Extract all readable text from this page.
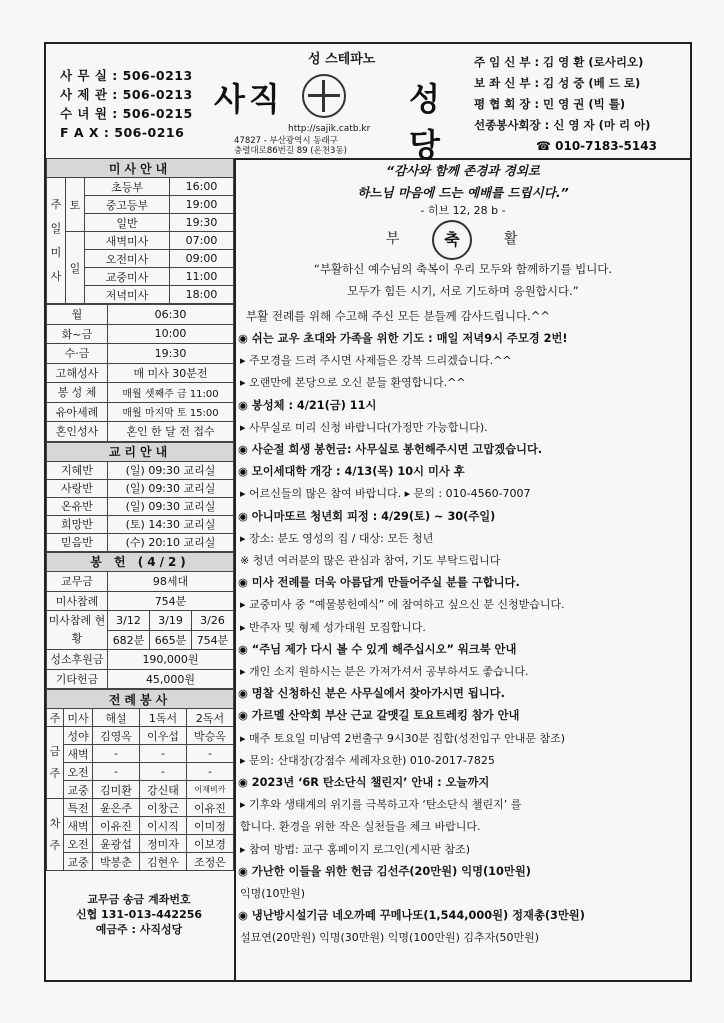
사 무 실 : 506-0213
사 제 관 : 506-0213
수 녀 원 : 506-0215
F A X : 506-0216
성 스테파노
사직	성당
http://sajik.catb.kr
47827 - 부산광역시 동래구
충렬대로86번길 89 (온천3동)
주 임 신 부 : 김 영 환 (로사리오)
보 좌 신 부 : 김 성 중 (베 드 로)
평 협 회 장 : 민 영 권 (빅 틀)
선종봉사회장 : 신 영 자 (마 리 아)
☎ 010-7183-5143
미사안내			
주일미사	토	초등부	16:00
		중고등부	19:00
		일반	19:30
	일	새벽미사	07:00
		오전미사	09:00
		교중미사	11:00
		저녁미사	18:00
월	06:30
화~금	10:00
수·금	19:30
고해성사	매 미사 30분전
봉 성 체	매월 셋째주 금 11:00
유아세례	매월 마지막 토 15:00
혼인성사	혼인 한 달 전 접수
교리안내	
지혜반	(일) 09:30 교리실
사랑반	(일) 09:30 교리실
온유반	(일) 09:30 교리실
희망반	(토) 14:30 교리실
믿음반	(수) 20:10 교리실
봉 헌 (4/2)			
교무금	98세대		
미사참례	754분		
미사참례 현황	3/12	3/19	3/26
	682분	665분	754분
성소후원금	190,000원		
기타헌금	45,000원		
전례봉사				
주	미사	해설	1독서	2독서
금주	성야	김영옥	이우섭	박승옥
	새벽	-	-	-
	오전	-	-	-
	교중	김미환	강신태	이재비카
차주	특전	윤은주	이창근	이유진
	새벽	이유진	이시직	이미정
	오전	윤광섭	정미자	이보경
	교중	박봉춘	김현우	조정은
교무금 송금 계좌번호
신협 131-013-442256
예금주 : 사직성당
“감사와 함께 존경과 경외로
하느님 마음에 드는 예배를 드립시다.”
- 히브 12, 28 b -
부	축	활
“부활하신 예수님의 축복이 우리 모두와 함께하기를 빕니다.
모두가 힘든 시기, 서로 기도하며 응원합시다.”
부활 전례를 위해 수고해 주신 모든 분들께 감사드립니다.^^
◉ 쉬는 교우 초대와 가족을 위한 기도 : 매일 저녁9시 주모경 2번!
▸ 주모경을 드려 주시면 사제들은 강복 드리겠습니다.^^
▸ 오랜만에 본당으로 오신 분들 환영합니다.^^
◉ 봉성체 : 4/21(금) 11시
▸ 사무실로 미리 신청 바랍니다(가정만 가능합니다).
◉ 사순절 희생 봉헌금: 사무실로 봉헌해주시면 고맙겠습니다.
◉ 모이세대학 개강 : 4/13(목) 10시 미사 후
▸ 어르신들의 많은 참여 바랍니다. ▸ 문의 : 010-4560-7007
◉ 아니마또르 청년회 피정 : 4/29(토) ~ 30(주일)
▸ 장소: 분도 영성의 집 / 대상: 모든 청년
※ 청년 여러분의 많은 관심과 참여, 기도 부탁드립니다
◉ 미사 전례를 더욱 아름답게 만들어주실 분를 구합니다.
▸ 교중미사 중 “예물봉헌예식” 에 참여하고 싶으신 분 신청받습니다.
▸ 반주자 및 형제 성가대원 모집합니다.
◉ “주님 제가 다시 볼 수 있게 해주십시오” 워크북 안내
▸ 개인 소지 원하시는 분은 가져가셔서 공부하셔도 좋습니다.
◉ 명찰 신청하신 분은 사무실에서 찾아가시면 됩니다.
◉ 가르멜 산악회 부산 근교 갈맷길 토요트레킹 참가 안내
▸ 매주 토요일 미남역 2번출구 9시30분 집합(성전입구 안내문 참조)
▸ 문의: 산대장(강점수 세례자요한) 010-2017-7825
◉ 2023년 ‘6R 탄소단식 챌린지’ 안내 : 오늘까지
▸ 기후와 생태계의 위기를 극복하고자 ‘탄소단식 챌린지’ 를
합니다. 환경을 위한 작은 실천들을 체크 바랍니다.
▸ 참여 방법: 교구 홈페이지 로그인(게시판 참조)
◉ 가난한 이들을 위한 헌금 김선주(20만원) 익명(10만원)
익명(10만원)
◉ 냉난방시설기금 네오까떼 꾸메나또(1,544,000원) 정재총(3만원)
설묘연(20만원) 익명(30만원) 익명(100만원) 김추자(50만원)
